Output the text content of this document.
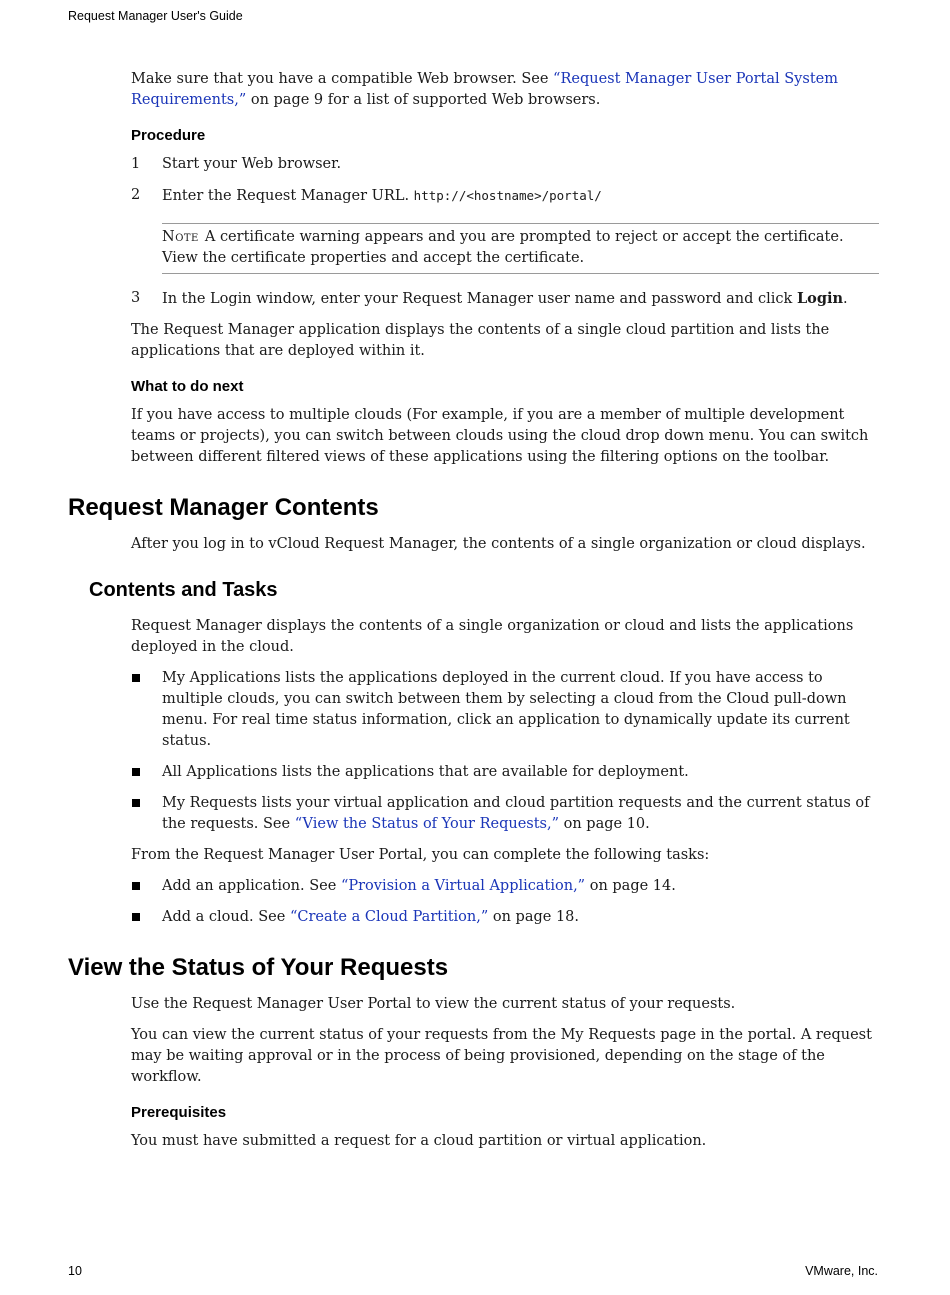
Request Manager User's Guide

Make sure that you have a compatible Web browser. See “Request Manager User Portal System Requirements,” on page 9 for a list of supported Web browsers.

Procedure
1 Start your Web browser.
2 Enter the Request Manager URL. http://<hostname>/portal/
Note A certificate warning appears and you are prompted to reject or accept the certificate. View the certificate properties and accept the certificate.
3 In the Login window, enter your Request Manager user name and password and click Login.

The Request Manager application displays the contents of a single cloud partition and lists the applications that are deployed within it.

What to do next

If you have access to multiple clouds (For example, if you are a member of multiple development teams or projects), you can switch between clouds using the cloud drop down menu. You can switch between different filtered views of these applications using the filtering options on the toolbar.

Request Manager Contents

After you log in to vCloud Request Manager, the contents of a single organization or cloud displays.

Contents and Tasks

Request Manager displays the contents of a single organization or cloud and lists the applications deployed in the cloud.

My Applications lists the applications deployed in the current cloud. If you have access to multiple clouds, you can switch between them by selecting a cloud from the Cloud pull-down menu. For real time status information, click an application to dynamically update its current status.
All Applications lists the applications that are available for deployment.
My Requests lists your virtual application and cloud partition requests and the current status of the requests. See “View the Status of Your Requests,” on page 10.

From the Request Manager User Portal, you can complete the following tasks:

Add an application. See “Provision a Virtual Application,” on page 14.
Add a cloud. See “Create a Cloud Partition,” on page 18.
View the Status of Your Requests

Use the Request Manager User Portal to view the current status of your requests.

You can view the current status of your requests from the My Requests page in the portal. A request may be waiting approval or in the process of being provisioned, depending on the stage of the workflow.

Prerequisites

You must have submitted a request for a cloud partition or virtual application.

10	VMware, Inc.
